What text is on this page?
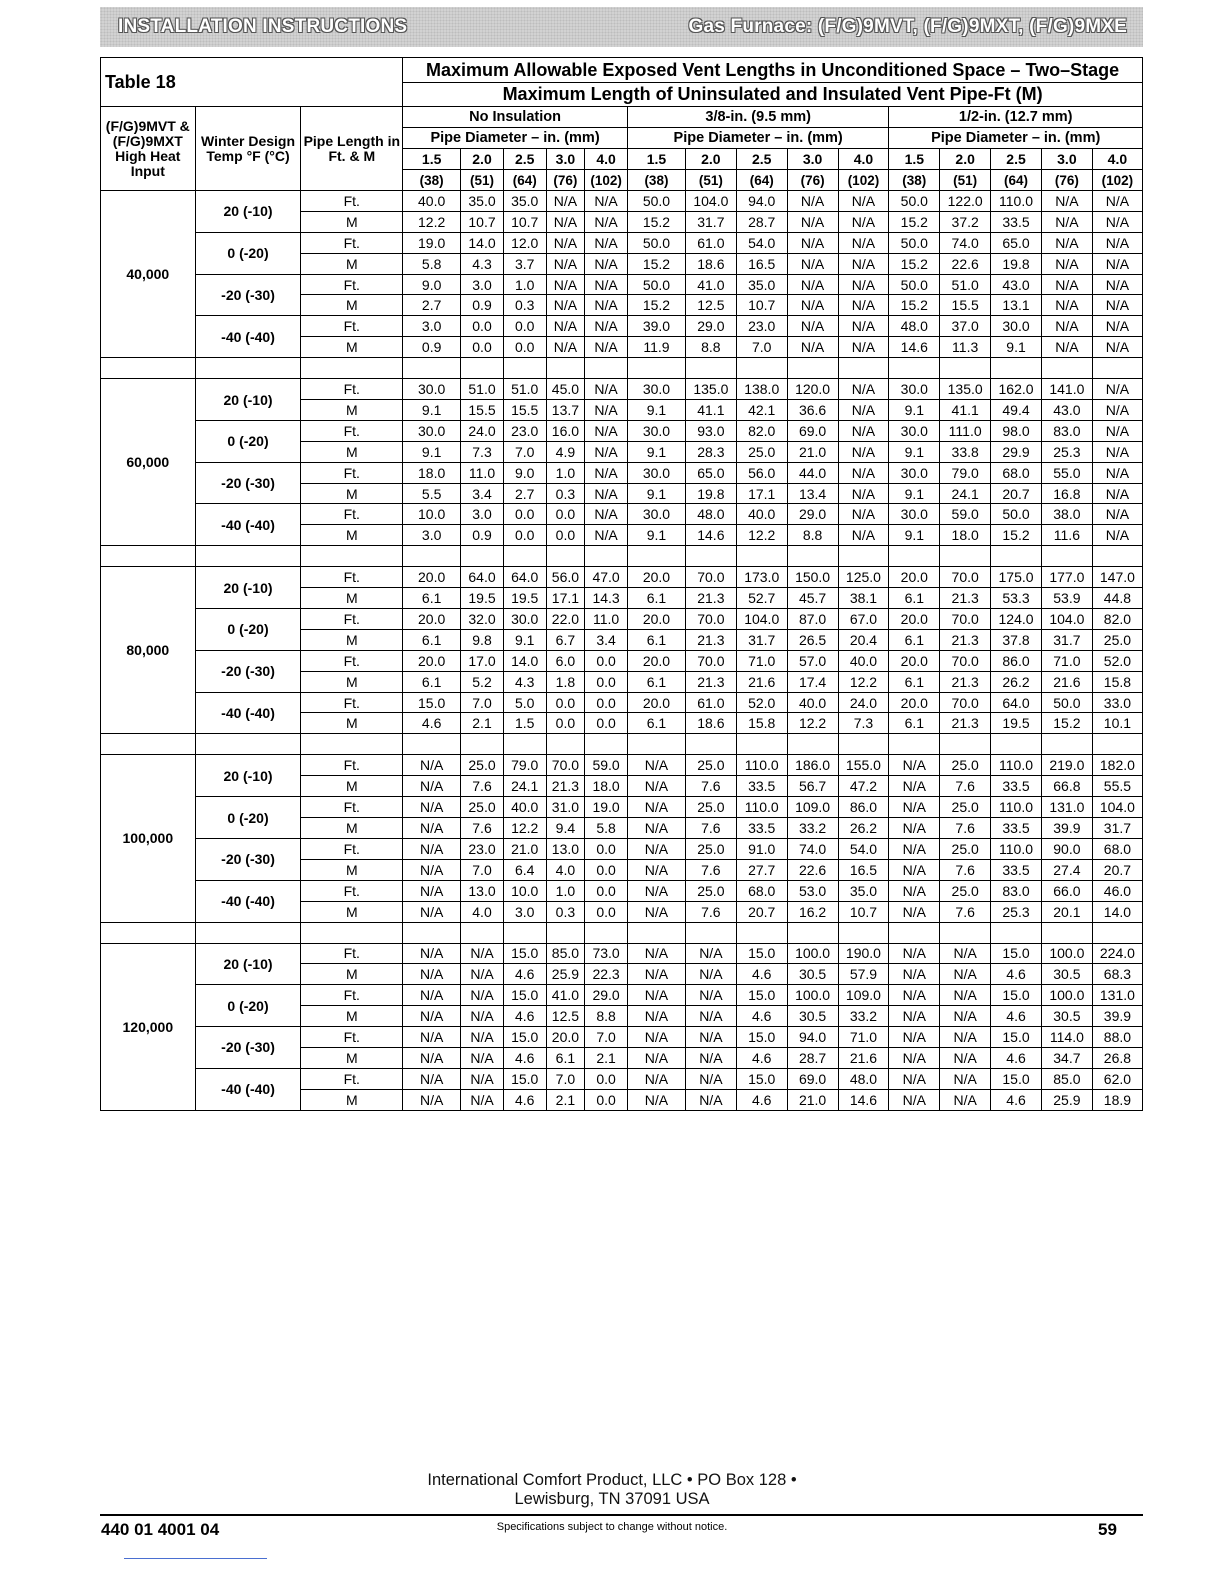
INSTALLATION INSTRUCTIONS	Gas Furnace: (F/G)9MVT, (F/G)9MXT, (F/G)9MXE
Table 18			Maximum Allowable Exposed Vent Lengths in Unconditioned Space – Two–Stage														
			Maximum Length of Uninsulated and Insulated Vent Pipe-Ft (M)														
(F/G)9MVT & (F/G)9MXT High Heat Input	Winter Design Temp °F (°C)	Pipe Length in Ft. & M	No Insulation					3/8-in. (9.5 mm)					1/2-in. (12.7 mm)				
			Pipe Diameter – in. (mm)					Pipe Diameter – in. (mm)					Pipe Diameter – in. (mm)				
			1.5	2.0	2.5	3.0	4.0	1.5	2.0	2.5	3.0	4.0	1.5	2.0	2.5	3.0	4.0
			(38)	(51)	(64)	(76)	(102)	(38)	(51)	(64)	(76)	(102)	(38)	(51)	(64)	(76)	(102)
40,000	20 (-10)	Ft.	40.0	35.0	35.0	N/A	N/A	50.0	104.0	94.0	N/A	N/A	50.0	122.0	110.0	N/A	N/A
		M	12.2	10.7	10.7	N/A	N/A	15.2	31.7	28.7	N/A	N/A	15.2	37.2	33.5	N/A	N/A
	0 (-20)	Ft.	19.0	14.0	12.0	N/A	N/A	50.0	61.0	54.0	N/A	N/A	50.0	74.0	65.0	N/A	N/A
		M	5.8	4.3	3.7	N/A	N/A	15.2	18.6	16.5	N/A	N/A	15.2	22.6	19.8	N/A	N/A
	-20 (-30)	Ft.	9.0	3.0	1.0	N/A	N/A	50.0	41.0	35.0	N/A	N/A	50.0	51.0	43.0	N/A	N/A
		M	2.7	0.9	0.3	N/A	N/A	15.2	12.5	10.7	N/A	N/A	15.2	15.5	13.1	N/A	N/A
	-40 (-40)	Ft.	3.0	0.0	0.0	N/A	N/A	39.0	29.0	23.0	N/A	N/A	48.0	37.0	30.0	N/A	N/A
		M	0.9	0.0	0.0	N/A	N/A	11.9	8.8	7.0	N/A	N/A	14.6	11.3	9.1	N/A	N/A

60,000	20 (-10)	Ft.	30.0	51.0	51.0	45.0	N/A	30.0	135.0	138.0	120.0	N/A	30.0	135.0	162.0	141.0	N/A
		M	9.1	15.5	15.5	13.7	N/A	9.1	41.1	42.1	36.6	N/A	9.1	41.1	49.4	43.0	N/A
	0 (-20)	Ft.	30.0	24.0	23.0	16.0	N/A	30.0	93.0	82.0	69.0	N/A	30.0	111.0	98.0	83.0	N/A
		M	9.1	7.3	7.0	4.9	N/A	9.1	28.3	25.0	21.0	N/A	9.1	33.8	29.9	25.3	N/A
	-20 (-30)	Ft.	18.0	11.0	9.0	1.0	N/A	30.0	65.0	56.0	44.0	N/A	30.0	79.0	68.0	55.0	N/A
		M	5.5	3.4	2.7	0.3	N/A	9.1	19.8	17.1	13.4	N/A	9.1	24.1	20.7	16.8	N/A
	-40 (-40)	Ft.	10.0	3.0	0.0	0.0	N/A	30.0	48.0	40.0	29.0	N/A	30.0	59.0	50.0	38.0	N/A
		M	3.0	0.9	0.0	0.0	N/A	9.1	14.6	12.2	8.8	N/A	9.1	18.0	15.2	11.6	N/A

80,000	20 (-10)	Ft.	20.0	64.0	64.0	56.0	47.0	20.0	70.0	173.0	150.0	125.0	20.0	70.0	175.0	177.0	147.0
		M	6.1	19.5	19.5	17.1	14.3	6.1	21.3	52.7	45.7	38.1	6.1	21.3	53.3	53.9	44.8
	0 (-20)	Ft.	20.0	32.0	30.0	22.0	11.0	20.0	70.0	104.0	87.0	67.0	20.0	70.0	124.0	104.0	82.0
		M	6.1	9.8	9.1	6.7	3.4	6.1	21.3	31.7	26.5	20.4	6.1	21.3	37.8	31.7	25.0
	-20 (-30)	Ft.	20.0	17.0	14.0	6.0	0.0	20.0	70.0	71.0	57.0	40.0	20.0	70.0	86.0	71.0	52.0
		M	6.1	5.2	4.3	1.8	0.0	6.1	21.3	21.6	17.4	12.2	6.1	21.3	26.2	21.6	15.8
	-40 (-40)	Ft.	15.0	7.0	5.0	0.0	0.0	20.0	61.0	52.0	40.0	24.0	20.0	70.0	64.0	50.0	33.0
		M	4.6	2.1	1.5	0.0	0.0	6.1	18.6	15.8	12.2	7.3	6.1	21.3	19.5	15.2	10.1

100,000	20 (-10)	Ft.	N/A	25.0	79.0	70.0	59.0	N/A	25.0	110.0	186.0	155.0	N/A	25.0	110.0	219.0	182.0
		M	N/A	7.6	24.1	21.3	18.0	N/A	7.6	33.5	56.7	47.2	N/A	7.6	33.5	66.8	55.5
	0 (-20)	Ft.	N/A	25.0	40.0	31.0	19.0	N/A	25.0	110.0	109.0	86.0	N/A	25.0	110.0	131.0	104.0
		M	N/A	7.6	12.2	9.4	5.8	N/A	7.6	33.5	33.2	26.2	N/A	7.6	33.5	39.9	31.7
	-20 (-30)	Ft.	N/A	23.0	21.0	13.0	0.0	N/A	25.0	91.0	74.0	54.0	N/A	25.0	110.0	90.0	68.0
		M	N/A	7.0	6.4	4.0	0.0	N/A	7.6	27.7	22.6	16.5	N/A	7.6	33.5	27.4	20.7
	-40 (-40)	Ft.	N/A	13.0	10.0	1.0	0.0	N/A	25.0	68.0	53.0	35.0	N/A	25.0	83.0	66.0	46.0
		M	N/A	4.0	3.0	0.3	0.0	N/A	7.6	20.7	16.2	10.7	N/A	7.6	25.3	20.1	14.0

120,000	20 (-10)	Ft.	N/A	N/A	15.0	85.0	73.0	N/A	N/A	15.0	100.0	190.0	N/A	N/A	15.0	100.0	224.0
		M	N/A	N/A	4.6	25.9	22.3	N/A	N/A	4.6	30.5	57.9	N/A	N/A	4.6	30.5	68.3
	0 (-20)	Ft.	N/A	N/A	15.0	41.0	29.0	N/A	N/A	15.0	100.0	109.0	N/A	N/A	15.0	100.0	131.0
		M	N/A	N/A	4.6	12.5	8.8	N/A	N/A	4.6	30.5	33.2	N/A	N/A	4.6	30.5	39.9
	-20 (-30)	Ft.	N/A	N/A	15.0	20.0	7.0	N/A	N/A	15.0	94.0	71.0	N/A	N/A	15.0	114.0	88.0
		M	N/A	N/A	4.6	6.1	2.1	N/A	N/A	4.6	28.7	21.6	N/A	N/A	4.6	34.7	26.8
	-40 (-40)	Ft.	N/A	N/A	15.0	7.0	0.0	N/A	N/A	15.0	69.0	48.0	N/A	N/A	15.0	85.0	62.0
		M	N/A	N/A	4.6	2.1	0.0	N/A	N/A	4.6	21.0	14.6	N/A	N/A	4.6	25.9	18.9
International Comfort Product, LLC • PO Box 128 •
Lewisburg, TN 37091 USA
440 01 4001 04	Specifications subject to change without notice.	59
